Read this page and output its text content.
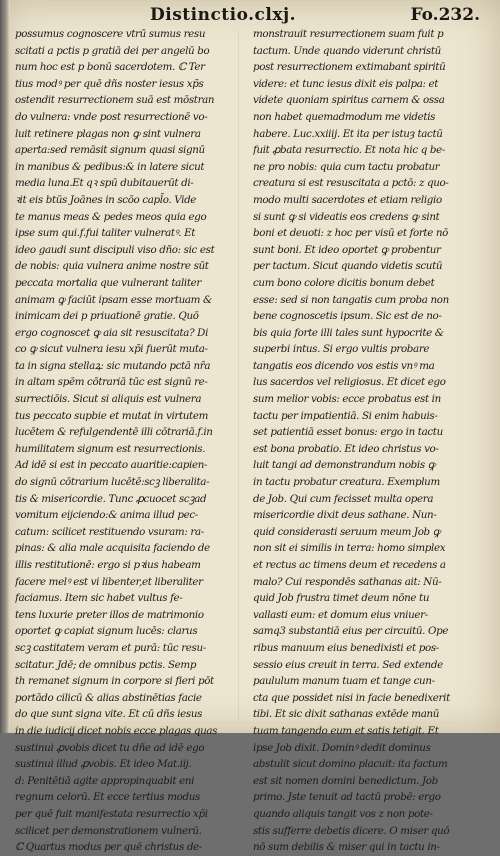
Distinctio.clxj.	Fo.232.
possumus cognoscere vtrū sumus resu
scitati a pctis p gratiā dei per angelū bo
num hoc est p bonū sacerdotem. ℂ Ter
tius modꝰ per quē dñs noster iesus xp̄s
ostendit resurrectionem suā est mōstran
do vulnera: vnde post resurrectionē vo-
luit retinere plagas non ꝙ sint vulnera
aperta:sed remāsit signum quasi signū
in manibus & pedibus:& in latere sicut
media luna.Et qꝛ spū dubitauerūt di-
ꝛit eis btūs Joānes in scōo capl̄o. Vide
te manus meas & pedes meos quia ego
ipse sum qui.f.fui taliter vulneratꝰ. Et
ideo gaudi sunt discipuli viso dño: sic est
de nobis: quia vulnera anime nostre sūt
peccata mortalia que vulnerant taliter
animam ꝙ faciūt ipsam esse mortuam &
inimicam dei p priuationē gratie. Quō
ergo cognoscet ꝙ aia sit resuscitata? Di
co ꝙ sicut vulnera iesu xp̄i fuerūt muta-
ta in signa stellaꝝ: sic mutando pctā nr̄a
in altam spēm cōtrariā tūc est signū re-
surrectiōis. Sicut si aliquis est vulnera
tus peccato supbie et mutat in virtutem
lucētem & refulgendentē illi cōtrariā.f.in
humilitatem signum est resurrectionis.
Ad idē si est in peccato auaritie:capien-
do signū cōtrarium lucētē:scꝫ liberalita-
tis & misericordie. Tunc ꝓcuocet scꝫad
vomitum eijciendo:& anima illud pec-
catum: scilicet restituendo vsuram: ra-
pinas: & alia male acquisita faciendo de
illis restitutionē: ergo si pꝛius habeam
facere melꝰ est vi libenter,et liberaliter
faciamus. Item sic habet vultus fe-
tens luxurie preter illos de matrimonio
oportet ꝙ capiat signum lucēs: clarus
scꝫ castitatem veram et purā: tūc resu-
scitatur. Jdē; de omnibus pctis. Semp
th remanet signum in corpore si fieri pōt
portādo cilicū & alias abstinētias facie
do que sunt signa vite. Et cū dñs iesus
in die iudicij dicet nobis ecce plagas quas
sustinui ꝓvobis dicet tu dñe ad idē ego
sustinui illud ꝓvobis. Et ideo Mat.iij.
d: Penitētiā agite appropinquabit eni
regnum celorū. Et ecce tertius modus
per quē fuit manifestata resurrectio xp̄i
scilicet per demonstrationem vulnerū.
ℂ Quartus modus per quē christus de-
monstrauit resurrectionem suam fuit p
tactum. Unde quando viderunt christū
post resurrectionem extimabant spiritū
videre: et tunc iesus dixit eis palpa: et
videte quoniam spiritus carnem & ossa
non habet quemadmodum me videtis
habere. Luc.xxiiij. Et ita per istuȝ tactū
fuit ꝓbata resurrectio. Et nota hic q be-
ne pro nobis: quia cum tactu probatur
creatura si est resuscitata a pctō: z quo-
modo multi sacerdotes et etiam religio
si sunt ꝙ si videatis eos credens ꝙ sint
boni et deuoti: z hoc per visū et forte nō
sunt boni. Et ideo oportet ꝙ probentur
per tactum. Sicut quando videtis scutū
cum bono colore dicitis bonum debet
esse: sed si non tangatis cum proba non
bene cognoscetis ipsum. Sic est de no-
bis quia forte illi tales sunt hypocrite &
superbi intus. Si ergo vultis probare
tangatis eos dicendo vos estis vnꝰ ma
lus sacerdos vel religiosus. Et dicet ego
sum melior vobis: ecce probatus est in
tactu per impatientiā. Si enim habuis-
set patientiā esset bonus: ergo in tactu
est bona probatio. Et ideo christus vo-
luit tangi ad demonstrandum nobis ꝙ
in tactu probatur creatura. Exemplum
de Job. Qui cum fecisset multa opera
misericordie dixit deus sathane. Nun-
quid considerasti seruum meum Job ꝙ
non sit ei similis in terra: homo simplex
et rectus ac timens deum et recedens a
malo? Cui respondēs sathanas ait: Nū-
quid Job frustra timet deum nōne tu
vallasti eum: et domum eius vniuer-
samq3 substantiā eius per circuitū. Ope
ribus manuum eius benedixisti et pos-
sessio eius creuit in terra. Sed extende
paululum manum tuam et tange cun-
cta que possidet nisi in facie benedixerit
tibi. Et sic dixit sathanas extēde manū
tuam tangendo eum et satis tetigit. Et
ipse Job dixit. Dominꝰ dedit dominus
abstulit sicut domino placuit: ita factum
est sit nomen domini benedictum. Job
primo. Jste tenuit ad tactū probē: ergo
quando aliquis tangit vos z non pote-
stis sufferre debetis dicere. O miser quō
nō sum debilis & miser qui in tactu in-
